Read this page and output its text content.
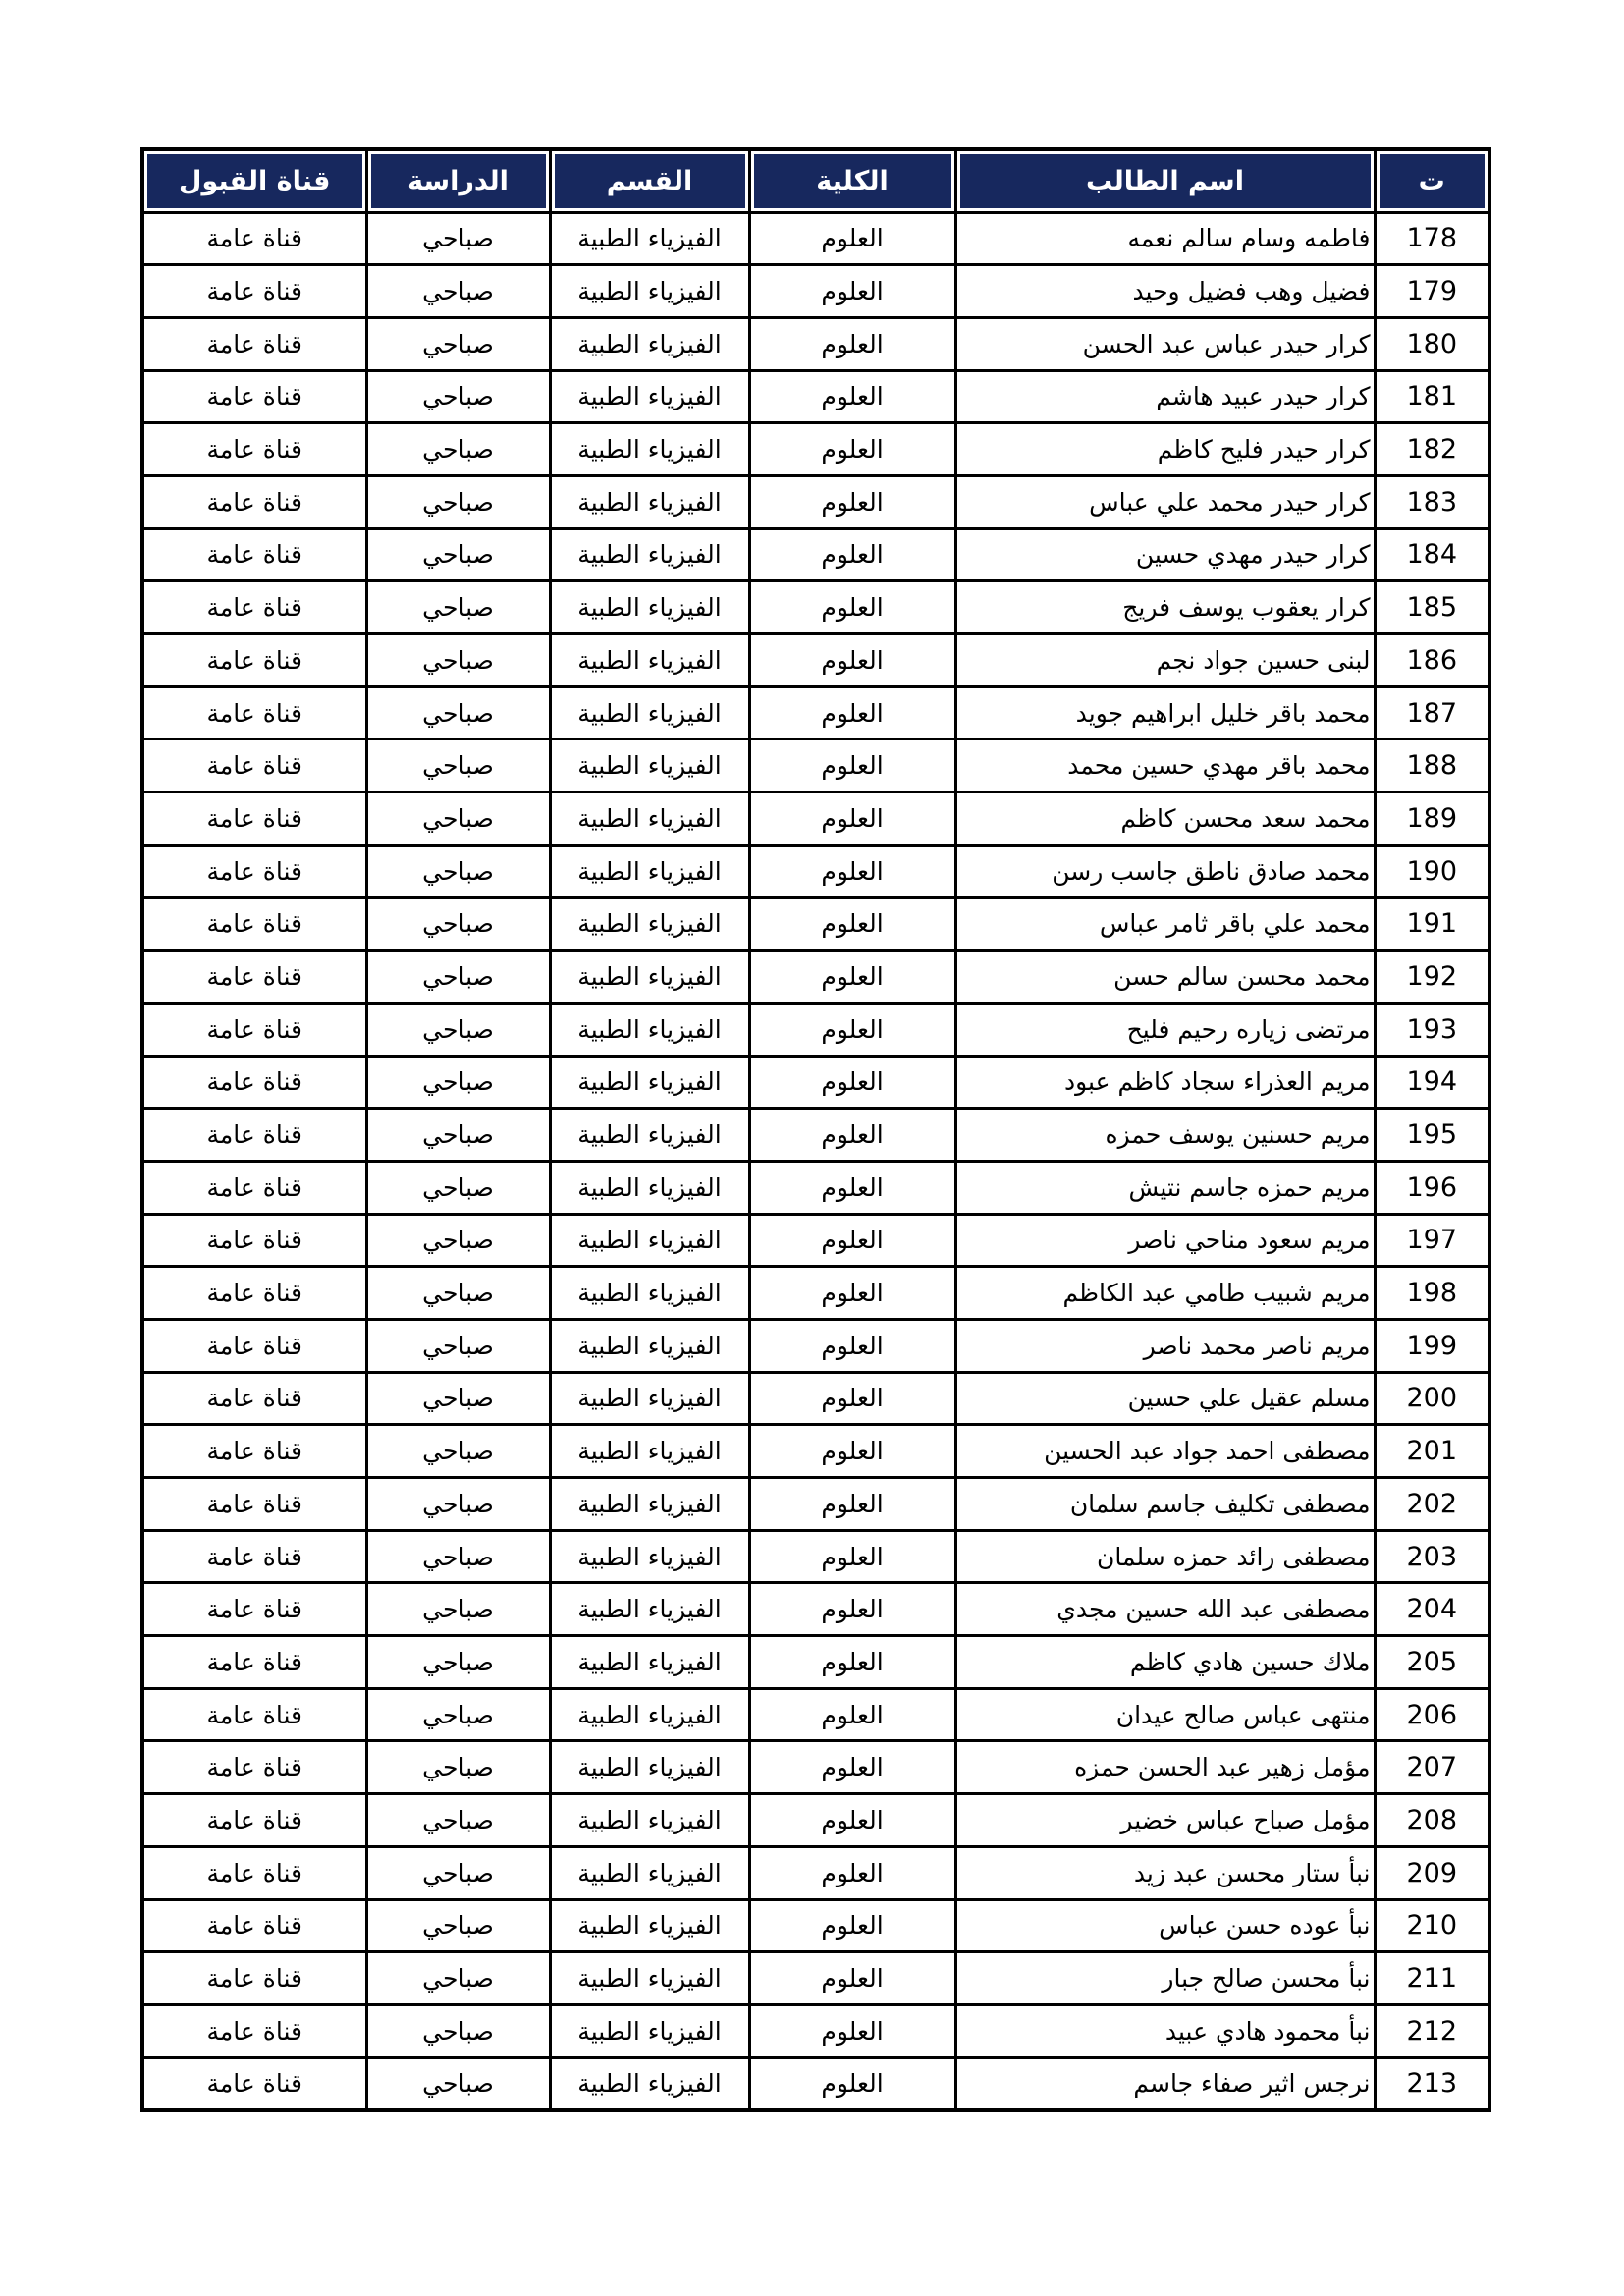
ت	اسم الطالب	الكلية	القسم	الدراسة	قناة القبول
178	فاطمه وسام سالم نعمه	العلوم	الفيزياء الطبية	صباحي	قناة عامة
179	فضيل وهب فضيل وحيد	العلوم	الفيزياء الطبية	صباحي	قناة عامة
180	كرار حيدر عباس عبد الحسن	العلوم	الفيزياء الطبية	صباحي	قناة عامة
181	كرار حيدر عبيد هاشم	العلوم	الفيزياء الطبية	صباحي	قناة عامة
182	كرار حيدر فليح كاظم	العلوم	الفيزياء الطبية	صباحي	قناة عامة
183	كرار حيدر محمد علي عباس	العلوم	الفيزياء الطبية	صباحي	قناة عامة
184	كرار حيدر مهدي حسين	العلوم	الفيزياء الطبية	صباحي	قناة عامة
185	كرار يعقوب يوسف فريج	العلوم	الفيزياء الطبية	صباحي	قناة عامة
186	لبنى حسين جواد نجم	العلوم	الفيزياء الطبية	صباحي	قناة عامة
187	محمد باقر خليل ابراهيم جويد	العلوم	الفيزياء الطبية	صباحي	قناة عامة
188	محمد باقر مهدي حسين محمد	العلوم	الفيزياء الطبية	صباحي	قناة عامة
189	محمد سعد محسن كاظم	العلوم	الفيزياء الطبية	صباحي	قناة عامة
190	محمد صادق ناطق جاسب رسن	العلوم	الفيزياء الطبية	صباحي	قناة عامة
191	محمد علي باقر ثامر عباس	العلوم	الفيزياء الطبية	صباحي	قناة عامة
192	محمد محسن سالم حسن	العلوم	الفيزياء الطبية	صباحي	قناة عامة
193	مرتضى زياره رحيم فليح	العلوم	الفيزياء الطبية	صباحي	قناة عامة
194	مريم العذراء سجاد كاظم عبود	العلوم	الفيزياء الطبية	صباحي	قناة عامة
195	مريم حسنين يوسف حمزه	العلوم	الفيزياء الطبية	صباحي	قناة عامة
196	مريم حمزه جاسم نتيش	العلوم	الفيزياء الطبية	صباحي	قناة عامة
197	مريم سعود مناحي ناصر	العلوم	الفيزياء الطبية	صباحي	قناة عامة
198	مريم شبيب طامي عبد الكاظم	العلوم	الفيزياء الطبية	صباحي	قناة عامة
199	مريم ناصر محمد ناصر	العلوم	الفيزياء الطبية	صباحي	قناة عامة
200	مسلم عقيل علي حسين	العلوم	الفيزياء الطبية	صباحي	قناة عامة
201	مصطفى احمد جواد عبد الحسين	العلوم	الفيزياء الطبية	صباحي	قناة عامة
202	مصطفى تكليف جاسم سلمان	العلوم	الفيزياء الطبية	صباحي	قناة عامة
203	مصطفى رائد حمزه سلمان	العلوم	الفيزياء الطبية	صباحي	قناة عامة
204	مصطفى عبد الله حسين مجدي	العلوم	الفيزياء الطبية	صباحي	قناة عامة
205	ملاك حسين هادي كاظم	العلوم	الفيزياء الطبية	صباحي	قناة عامة
206	منتهى عباس صالح عيدان	العلوم	الفيزياء الطبية	صباحي	قناة عامة
207	مؤمل زهير عبد الحسن حمزه	العلوم	الفيزياء الطبية	صباحي	قناة عامة
208	مؤمل صباح عباس خضير	العلوم	الفيزياء الطبية	صباحي	قناة عامة
209	نبأ ستار محسن عبد زيد	العلوم	الفيزياء الطبية	صباحي	قناة عامة
210	نبأ عوده حسن عباس	العلوم	الفيزياء الطبية	صباحي	قناة عامة
211	نبأ محسن صالح جبار	العلوم	الفيزياء الطبية	صباحي	قناة عامة
212	نبأ محمود هادي عبيد	العلوم	الفيزياء الطبية	صباحي	قناة عامة
213	نرجس اثير صفاء جاسم	العلوم	الفيزياء الطبية	صباحي	قناة عامة
